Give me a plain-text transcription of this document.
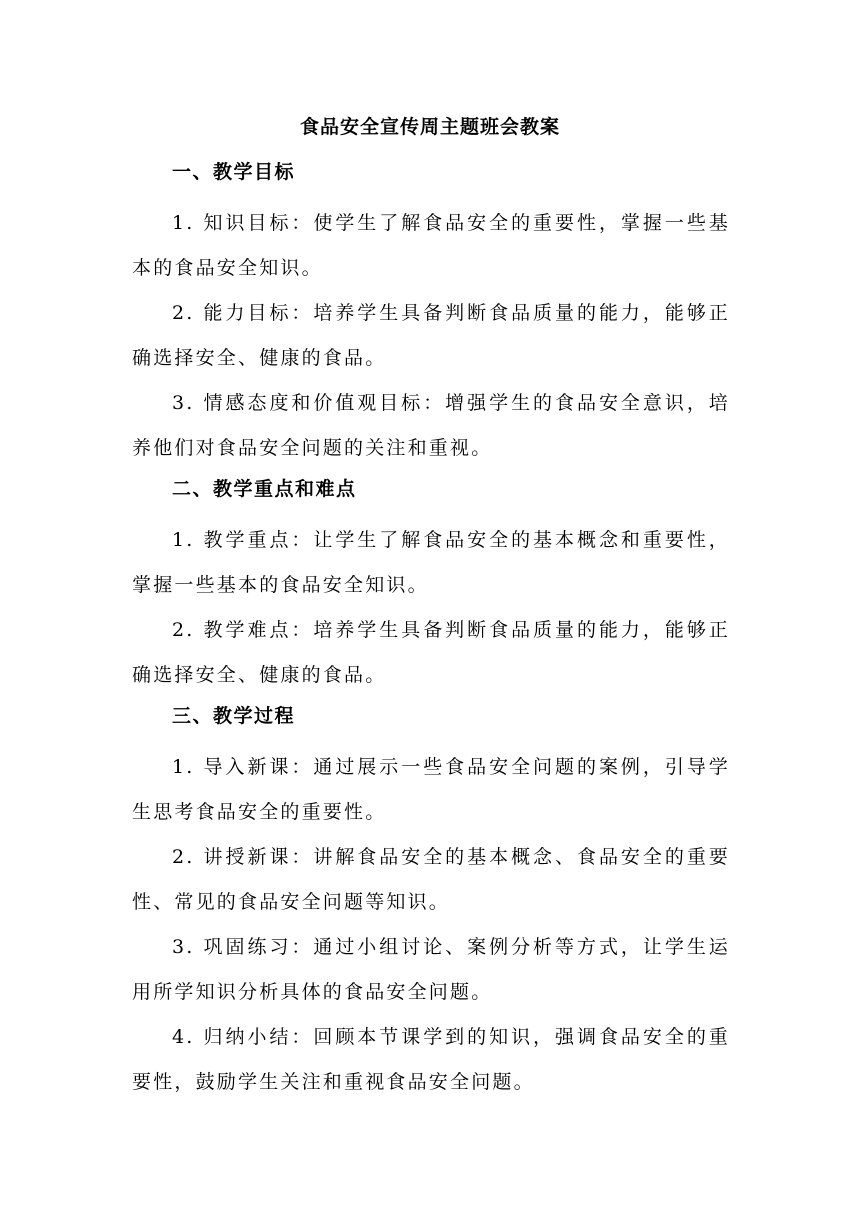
食品安全宣传周主题班会教案
一、教学目标

1. 知识目标：使学生了解食品安全的重要性，掌握一些基本的食品安全知识。

2. 能力目标：培养学生具备判断食品质量的能力，能够正确选择安全、健康的食品。

3. 情感态度和价值观目标：增强学生的食品安全意识，培养他们对食品安全问题的关注和重视。

二、教学重点和难点

1. 教学重点：让学生了解食品安全的基本概念和重要性，掌握一些基本的食品安全知识。

2. 教学难点：培养学生具备判断食品质量的能力，能够正确选择安全、健康的食品。

三、教学过程

1. 导入新课：通过展示一些食品安全问题的案例，引导学生思考食品安全的重要性。

2. 讲授新课：讲解食品安全的基本概念、食品安全的重要性、常见的食品安全问题等知识。

3. 巩固练习：通过小组讨论、案例分析等方式，让学生运用所学知识分析具体的食品安全问题。

4. 归纳小结：回顾本节课学到的知识，强调食品安全的重要性，鼓励学生关注和重视食品安全问题。
